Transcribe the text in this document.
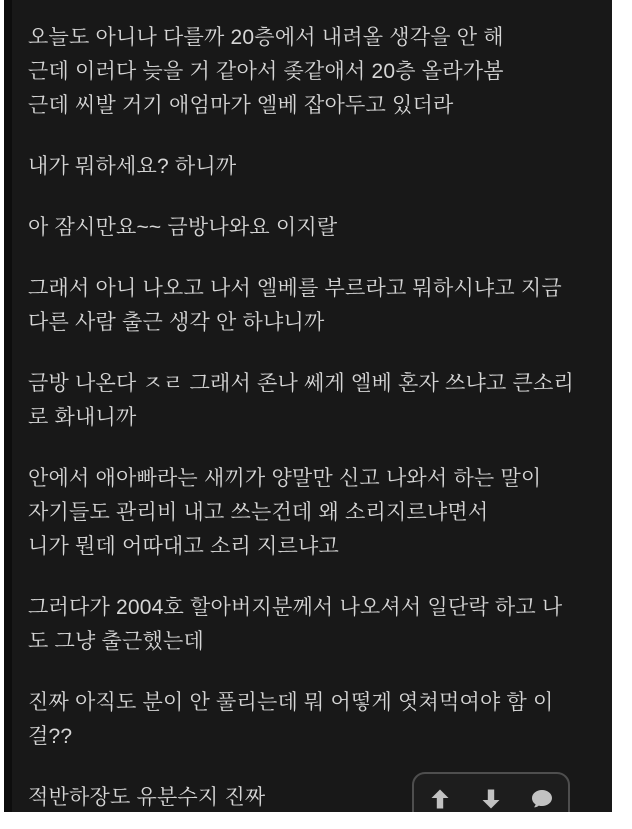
오늘도 아니나 다를까 20층에서 내려올 생각을 안 해
근데 이러다 늦을 거 같아서 좆같애서 20층 올라가봄
근데 씨발 거기 애엄마가 엘베 잡아두고 있더라
내가 뭐하세요? 하니까
아 잠시만요~~ 금방나와요 이지랄
그래서 아니 나오고 나서 엘베를 부르라고 뭐하시냐고 지금
다른 사람 출근 생각 안 하냐니까
금방 나온다 ㅈㄹ 그래서 존나 쎄게 엘베 혼자 쓰냐고 큰소리
로 화내니까
안에서 애아빠라는 새끼가 양말만 신고 나와서 하는 말이
자기들도 관리비 내고 쓰는건데 왜 소리지르냐면서
니가 뭔데 어따대고 소리 지르냐고
그러다가 2004호 할아버지분께서 나오셔서 일단락 하고 나
도 그냥 출근했는데
진짜 아직도 분이 안 풀리는데 뭐 어떻게 엿쳐먹여야 함 이
걸??
적반하장도 유분수지 진짜
